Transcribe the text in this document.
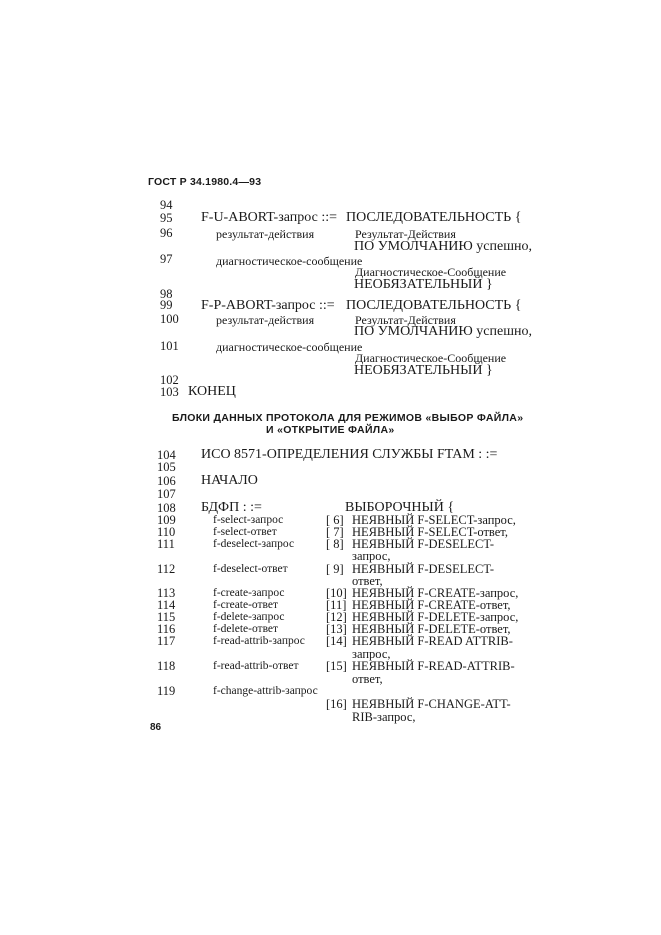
ГОСТ Р 34.1980.4—93
94
95 F-U-ABORT-запрос ::= ПОСЛЕДОВАТЕЛЬНОСТЬ {
96	результат-действия	Результат-Действия
ПО УМОЛЧАНИЮ успешно,
97	диагностическое-сообщение
Диагностическое-Сообщение
НЕОБЯЗАТЕЛЬНЫЙ }
98
99 F-P-ABORT-запрос ::= ПОСЛЕДОВАТЕЛЬНОСТЬ {
100	результат-действия	Результат-Действия
ПО УМОЛЧАНИЮ успешно,
101	диагностическое-сообщение
Диагностическое-Сообщение
НЕОБЯЗАТЕЛЬНЫЙ }
102
103 КОНЕЦ
БЛОКИ ДАННЫХ ПРОТОКОЛА ДЛЯ РЕЖИМОВ «ВЫБОР ФАЙЛА»
И «ОТКРЫТИЕ ФАЙЛА»
104 ИСО 8571-ОПРЕДЕЛЕНИЯ СЛУЖБЫ FTAM : :=
105
106 НАЧАЛО
107
108 БДФП : :=	ВЫБОРОЧНЫЙ {
109	f-select-запрос	[ 6] НЕЯВНЫЙ F-SELECT-запрос,
110	f-select-ответ	[ 7] НЕЯВНЫЙ F-SELECT-ответ,
111	f-deselect-запрос	[ 8] НЕЯВНЫЙ F-DESELECT-
запрос,
112	f-deselect-ответ	[ 9] НЕЯВНЫЙ F-DESELECT-
ответ,
113	f-create-запрос	[10] НЕЯВНЫЙ F-CREATE-запрос,
114	f-create-ответ	[11] НЕЯВНЫЙ F-CREATE-ответ,
115	f-delete-запрос	[12] НЕЯВНЫЙ F-DELETE-запрос,
116	f-delete-ответ	[13] НЕЯВНЫЙ F-DELETE-ответ,
117	f-read-attrib-запрос [14] НЕЯВНЫЙ F-READ ATTRIB-
запрос,
118	f-read-attrib-ответ [15] НЕЯВНЫЙ F-READ-ATTRIB-
ответ,
119	f-change-attrib-запрос
[16] НЕЯВНЫЙ F-CHANGE-ATT-
RIB-запрос,
86
